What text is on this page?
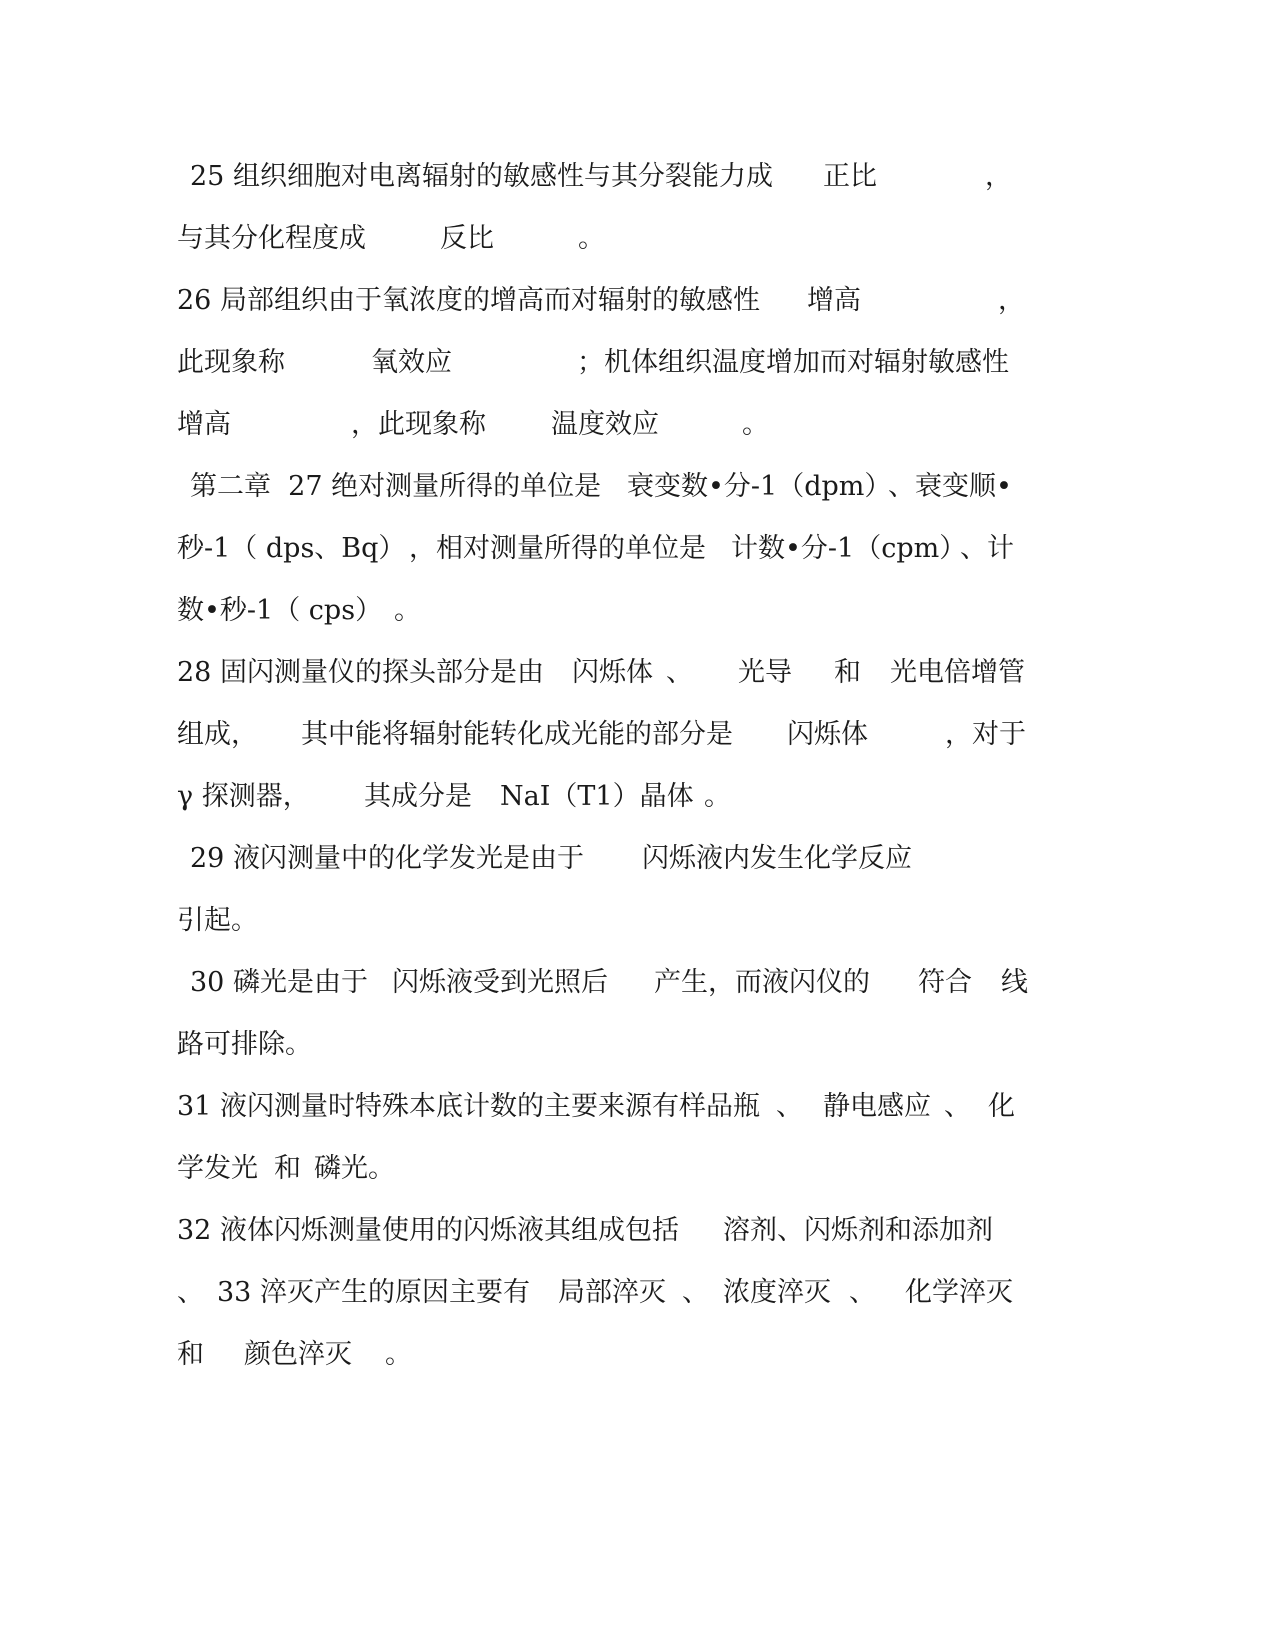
25 组织细胞对电离辐射的敏感性与其分裂能力成

正比

	，

与其分化程度成

	反比

	。

26 局部组织由于氧浓度的增高而对辐射的敏感性

增高

	，

此现象称

	氧效应

	；机体组织温度增加而对辐射敏感性

增高

	，此现象称

温度效应

	。

第二章  27 绝对测量所得的单位是

衰变数•分-1（dpm）

、衰变顺•

秒-1（ dps、Bq）

，相对测量所得的单位是

计数•分-1（cpm）

、计

数•秒-1（ cps）

。

28 固闪测量仪的探头部分是由

闪烁体

、

光导

和

光电倍增管

组成，

其中能将辐射能转化成光能的部分是

闪烁体

	，对于

γ 探测器，

其成分是

NaI（T1）晶体

。

29 液闪测量中的化学发光是由于

闪烁液内发生化学反应

引起。

30 磷光是由于

闪烁液受到光照后

产生，而液闪仪的

符合

线

路可排除。

31 液闪测量时特殊本底计数的主要来源有样品瓶

、

静电感应

、

化

学发光

和

磷光。

32 液体闪烁测量使用的闪烁液其组成包括

溶剂、闪烁剂和添加剂

、

33 淬灭产生的原因主要有

局部淬灭

、

浓度淬灭

、

化学淬灭

和

颜色淬灭

。
